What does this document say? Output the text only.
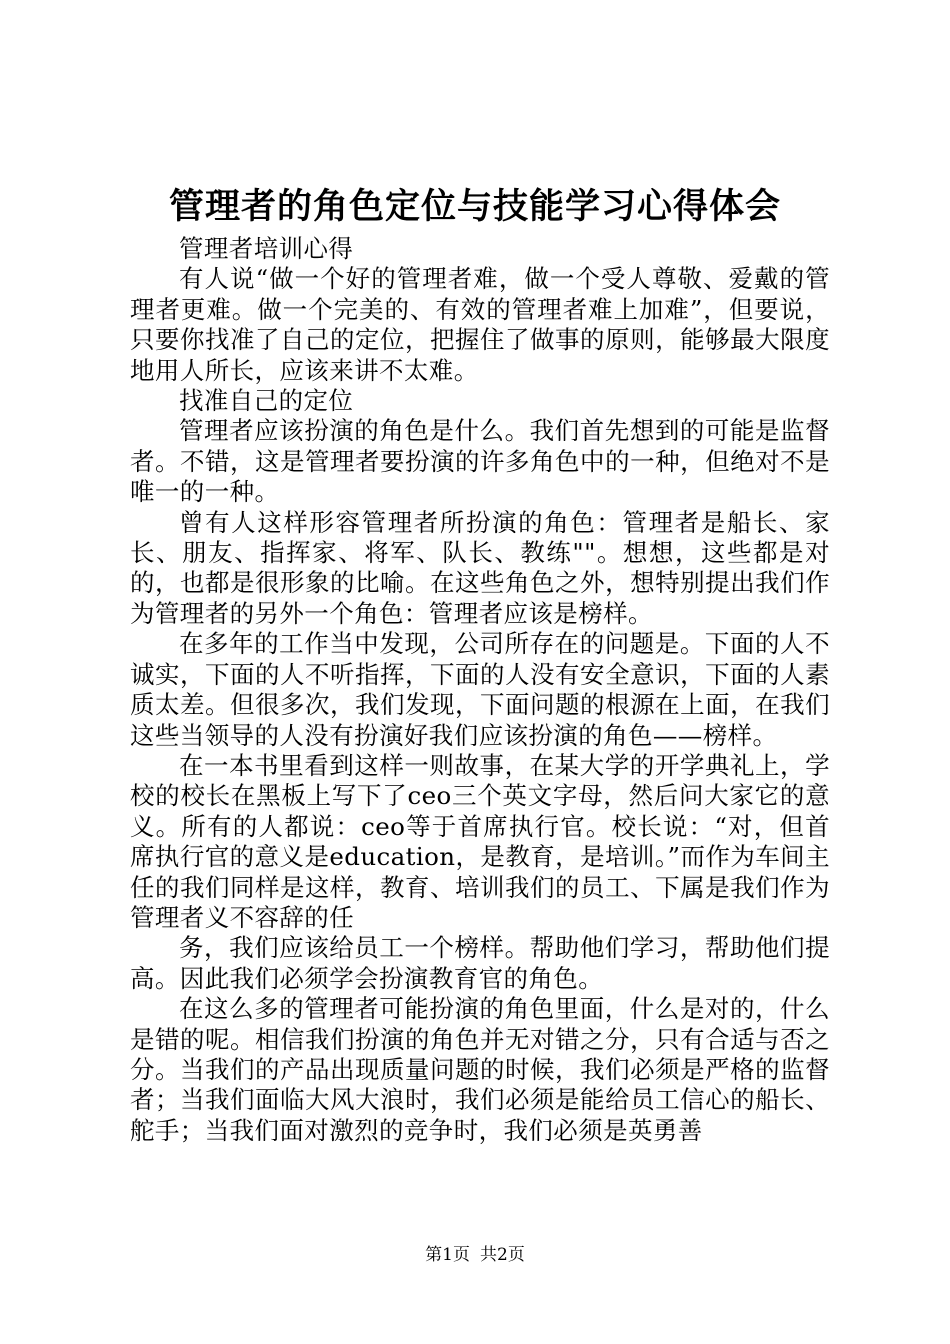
管理者的角色定位与技能学习心得体会

管理者培训心得

有人说“做一个好的管理者难，做一个受人尊敬、爱戴的管理者更难。做一个完美的、有效的管理者难上加难”，但要说，只要你找准了自己的定位，把握住了做事的原则，能够最大限度地用人所长，应该来讲不太难。

找准自己的定位

管理者应该扮演的角色是什么。我们首先想到的可能是监督者。不错，这是管理者要扮演的许多角色中的一种，但绝对不是唯一的一种。

曾有人这样形容管理者所扮演的角色：管理者是船长、家长、朋友、指挥家、将军、队长、教练""。想想，这些都是对的，也都是很形象的比喻。在这些角色之外，想特别提出我们作为管理者的另外一个角色：管理者应该是榜样。

在多年的工作当中发现，公司所存在的问题是。下面的人不诚实，下面的人不听指挥，下面的人没有安全意识，下面的人素质太差。但很多次，我们发现，下面问题的根源在上面，在我们这些当领导的人没有扮演好我们应该扮演的角色——榜样。

在一本书里看到这样一则故事，在某大学的开学典礼上，学校的校长在黑板上写下了ceo三个英文字母，然后问大家它的意义。所有的人都说：ceo等于首席执行官。校长说：“对，但首席执行官的意义是education，是教育，是培训。”而作为车间主任的我们同样是这样，教育、培训我们的员工、下属是我们作为管理者义不容辞的任

务，我们应该给员工一个榜样。帮助他们学习，帮助他们提高。因此我们必须学会扮演教育官的角色。

在这么多的管理者可能扮演的角色里面，什么是对的，什么是错的呢。相信我们扮演的角色并无对错之分，只有合适与否之分。当我们的产品出现质量问题的时候，我们必须是严格的监督者；当我们面临大风大浪时，我们必须是能给员工信心的船长、舵手；当我们面对激烈的竞争时，我们必须是英勇善

第1页 共2页
